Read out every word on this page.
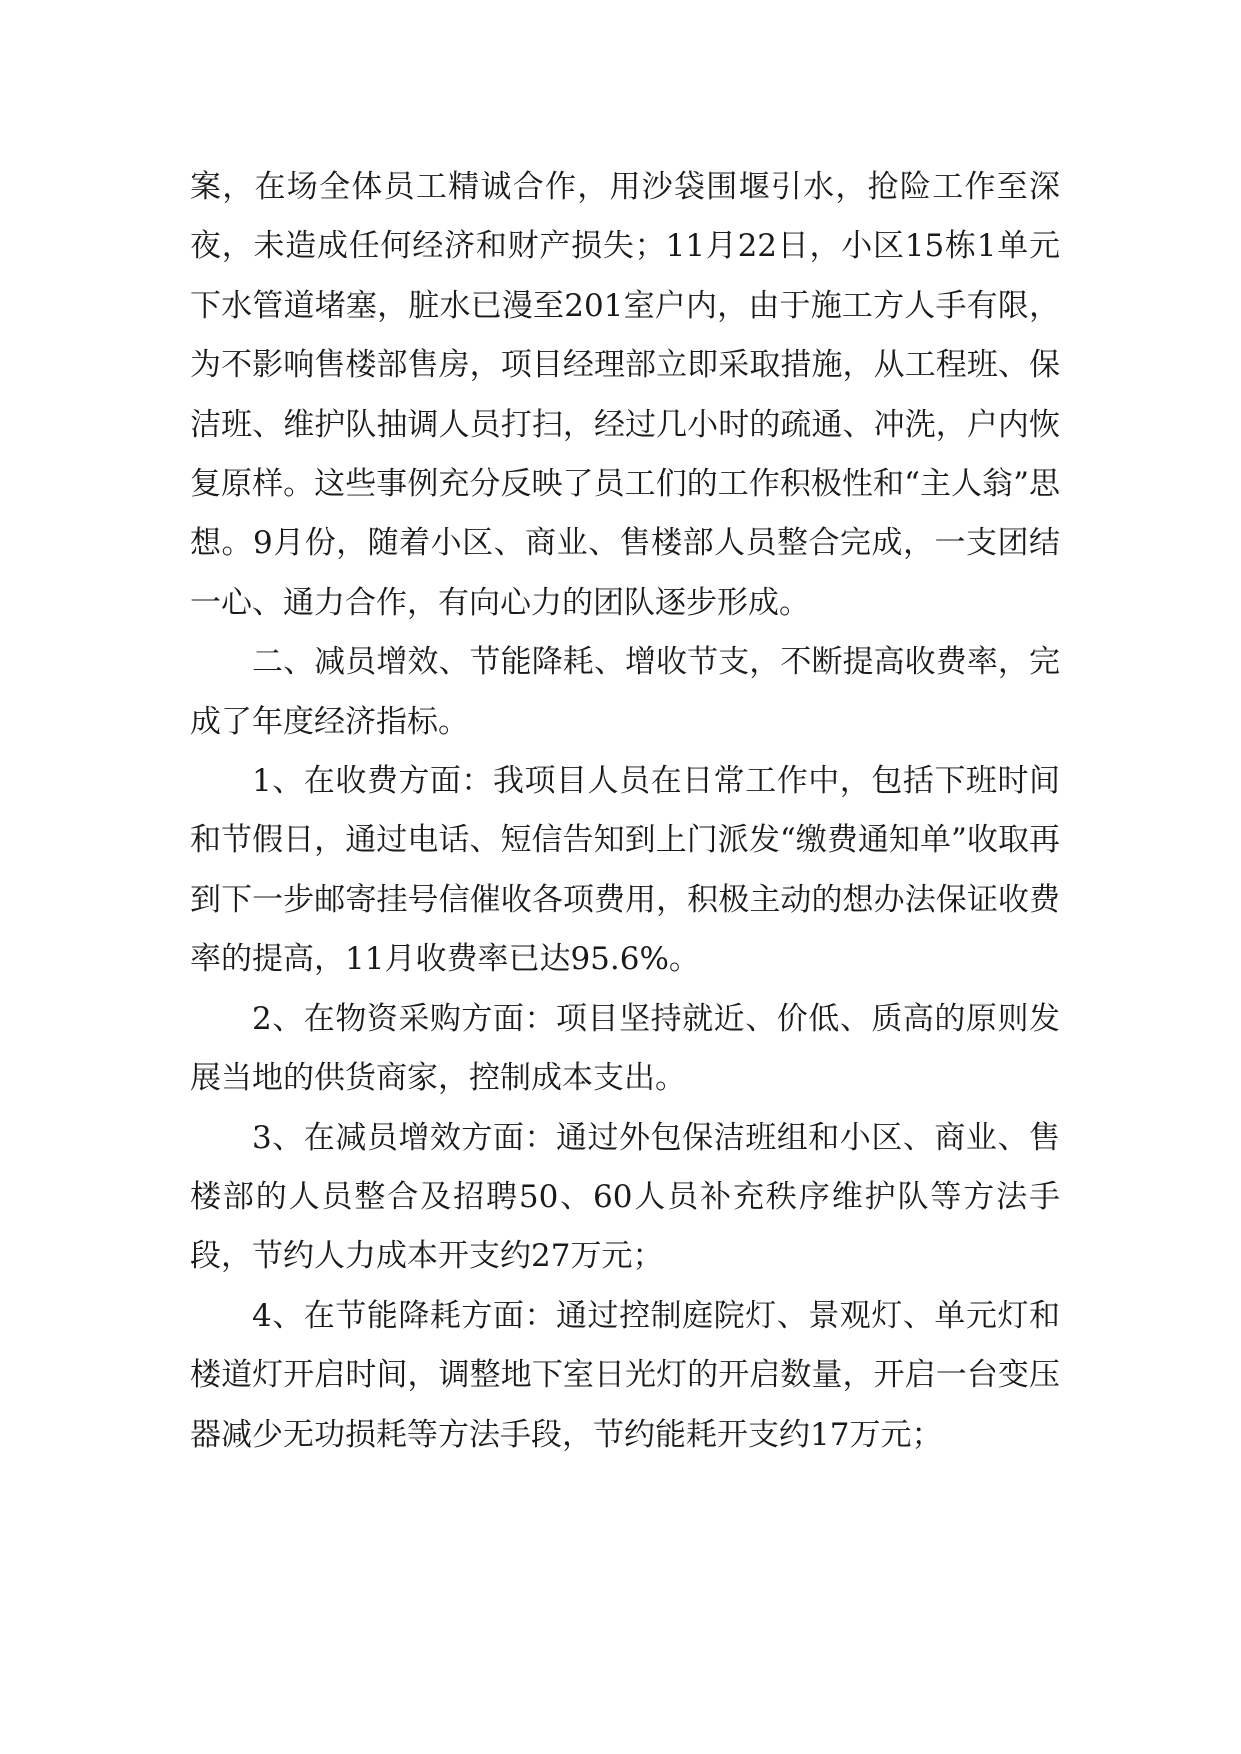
案，在场全体员工精诚合作，用沙袋围堰引水，抢险工作至深夜，未造成任何经济和财产损失；11月22日，小区15栋1单元下水管道堵塞，脏水已漫至201室户内，由于施工方人手有限，为不影响售楼部售房，项目经理部立即采取措施，从工程班、保洁班、维护队抽调人员打扫，经过几小时的疏通、冲洗，户内恢复原样。这些事例充分反映了员工们的工作积极性和“主人翁”思想。9月份，随着小区、商业、售楼部人员整合完成，一支团结一心、通力合作，有向心力的团队逐步形成。

二、减员增效、节能降耗、增收节支，不断提高收费率，完成了年度经济指标。

1、在收费方面：我项目人员在日常工作中，包括下班时间和节假日，通过电话、短信告知到上门派发“缴费通知单”收取再到下一步邮寄挂号信催收各项费用，积极主动的想办法保证收费率的提高，11月收费率已达95.6%。

2、在物资采购方面：项目坚持就近、价低、质高的原则发展当地的供货商家，控制成本支出。

3、在减员增效方面：通过外包保洁班组和小区、商业、售楼部的人员整合及招聘50、60人员补充秩序维护队等方法手段，节约人力成本开支约27万元；

4、在节能降耗方面：通过控制庭院灯、景观灯、单元灯和楼道灯开启时间，调整地下室日光灯的开启数量，开启一台变压器减少无功损耗等方法手段，节约能耗开支约17万元；
